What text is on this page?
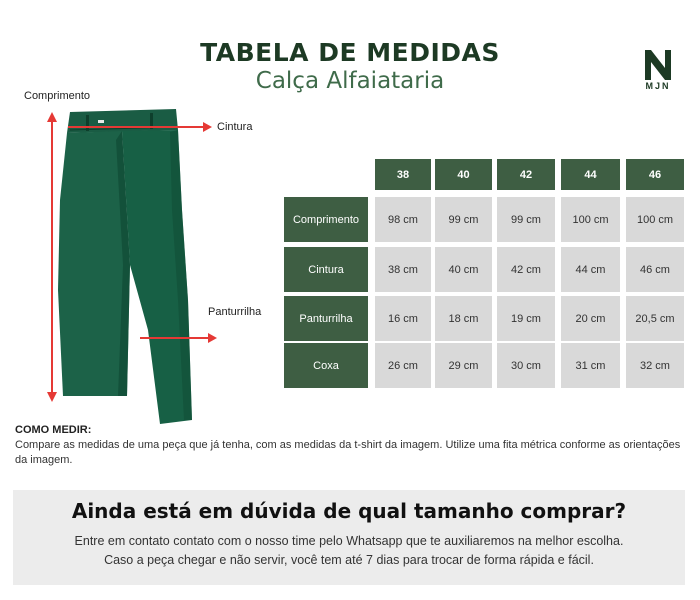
TABELA DE MEDIDAS
Calça Alfaiataria	MJN
Comprimento
Cintura
Panturrilha
38	40	42	44	46
Comprimento	98 cm	99 cm	99 cm	100 cm	100 cm
Cintura	38 cm	40 cm	42 cm	44 cm	46 cm
Panturrilha	16 cm	18 cm	19 cm	20 cm	20,5 cm
Coxa	26 cm	29 cm	30 cm	31 cm	32 cm
COMO MEDIR:
Compare as medidas de uma peça que já tenha, com as medidas da t-shirt da imagem. Utilize uma fita métrica conforme as orientações da imagem.
Ainda está em dúvida de qual tamanho comprar?
Entre em contato contato com o nosso time pelo Whatsapp que te auxiliaremos na melhor escolha.
Caso a peça chegar e não servir, você tem até 7 dias para trocar de forma rápida e fácil.
